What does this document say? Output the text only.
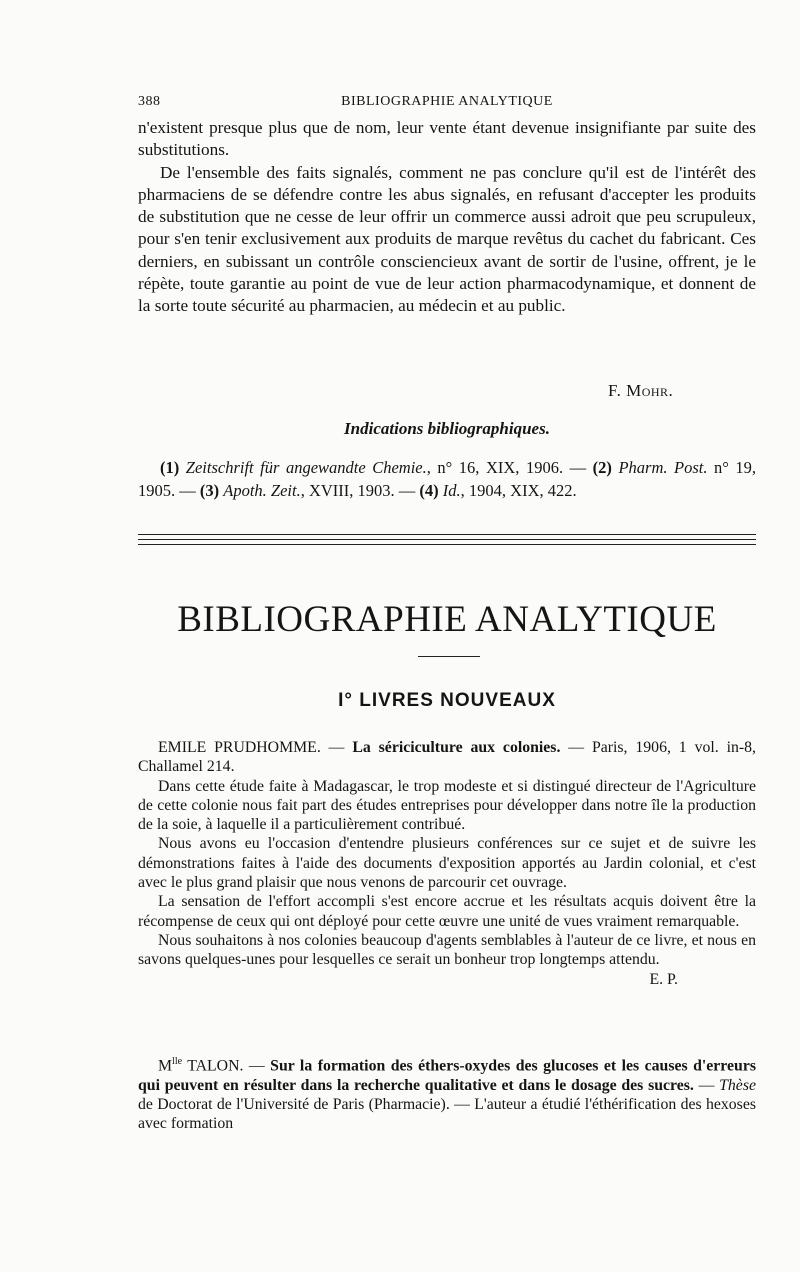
388	BIBLIOGRAPHIE ANALYTIQUE

n'existent presque plus que de nom, leur vente étant devenue insignifiante par suite des substitutions.

De l'ensemble des faits signalés, comment ne pas conclure qu'il est de l'intérêt des pharmaciens de se défendre contre les abus signalés, en refusant d'accepter les produits de substitution que ne cesse de leur offrir un commerce aussi adroit que peu scrupuleux, pour s'en tenir exclusivement aux produits de marque revêtus du cachet du fabricant. Ces derniers, en subissant un contrôle consciencieux avant de sortir de l'usine, offrent, je le répète, toute garantie au point de vue de leur action pharmacodynamique, et donnent de la sorte toute sécurité au pharmacien, au médecin et au public.

F. Mohr.
Indications bibliographiques.
(1) Zeitschrift für angewandte Chemie., n° 16, XIX, 1906. — (2) Pharm. Post. n° 19, 1905. — (3) Apoth. Zeit., XVIII, 1903. — (4) Id., 1904, XIX, 422.
BIBLIOGRAPHIE ANALYTIQUE
I° LIVRES NOUVEAUX

EMILE PRUDHOMME. — La sériciculture aux colonies. — Paris, 1906, 1 vol. in-8, Challamel 214.

Dans cette étude faite à Madagascar, le trop modeste et si distingué directeur de l'Agriculture de cette colonie nous fait part des études entreprises pour développer dans notre île la production de la soie, à laquelle il a particulièrement contribué.

Nous avons eu l'occasion d'entendre plusieurs conférences sur ce sujet et de suivre les démonstrations faites à l'aide des documents d'exposition apportés au Jardin colonial, et c'est avec le plus grand plaisir que nous venons de parcourir cet ouvrage.

La sensation de l'effort accompli s'est encore accrue et les résultats acquis doivent être la récompense de ceux qui ont déployé pour cette œuvre une unité de vues vraiment remarquable.

Nous souhaitons à nos colonies beaucoup d'agents semblables à l'auteur de ce livre, et nous en savons quelques-unes pour lesquelles ce serait un bonheur trop longtemps attendu.
E. P.

$M^{lle}$ TALON. — Sur la formation des éthers-oxydes des glucoses et les causes d'erreurs qui peuvent en résulter dans la recherche qualitative et dans le dosage des sucres. — Thèse de Doctorat de l'Université de Paris (Pharmacie). — L'auteur a étudié l'éthérification des hexoses avec formation
